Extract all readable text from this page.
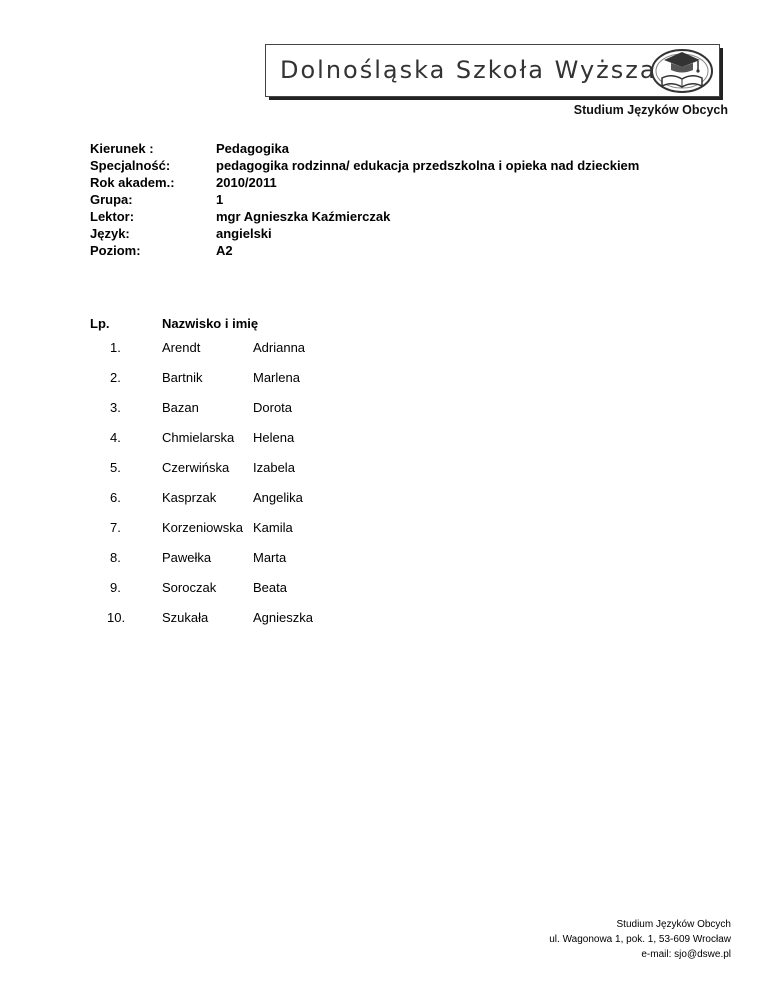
Dolnośląska Szkoła Wyższa
Studium Języków Obcych
Kierunek :	Pedagogika
Specjalność:	pedagogika rodzinna/ edukacja przedszkolna i opieka nad dzieckiem
Rok akadem.:	2010/2011
Grupa:	1
Lektor:	mgr Agnieszka Kaźmierczak
Język:	angielski
Poziom:	A2
Lp.	Nazwisko i imię
1.	Arendt	Adrianna
2.	Bartnik	Marlena
3.	Bazan	Dorota
4.	Chmielarska Helena
5.	Czerwińska Izabela
6.	Kasprzak	Angelika
7.	Korzeniowska Kamila
8.	Pawełka	Marta
9.	Soroczak	Beata
10.	Szukała	Agnieszka
Studium Języków Obcych
ul. Wagonowa 1, pok. 1, 53-609 Wrocław
e-mail: sjo@dswe.pl
